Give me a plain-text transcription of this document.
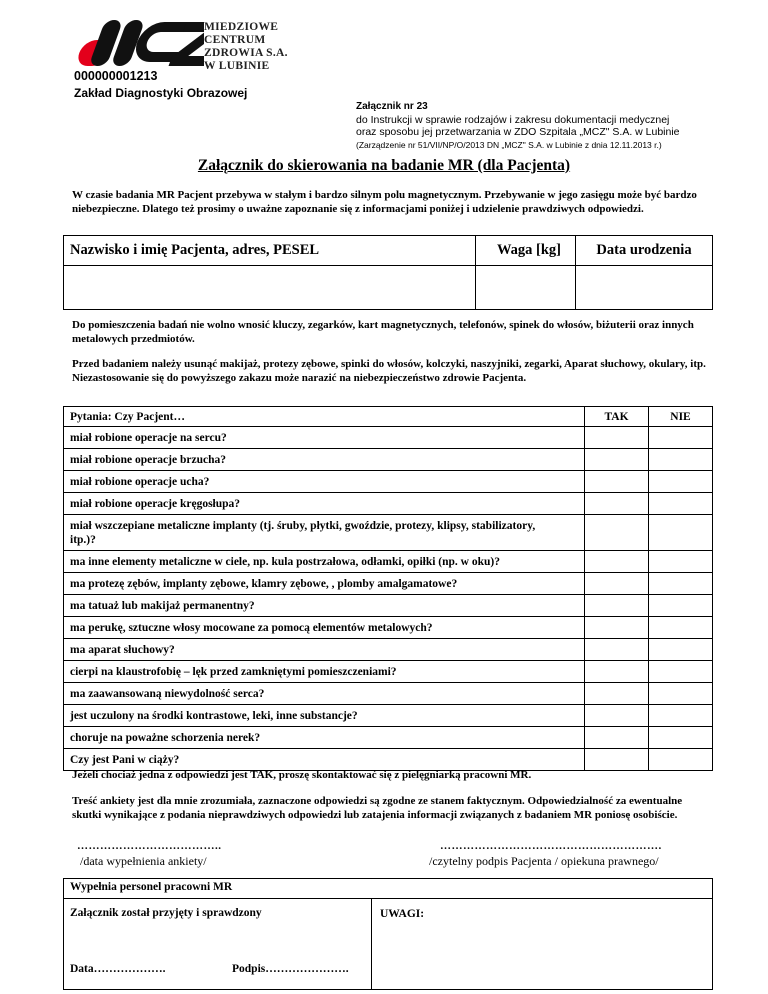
MIEDZIOWE
CENTRUM
ZDROWIA S.A.
W LUBINIE
000000001213
Zakład Diagnostyki Obrazowej
Załącznik nr 23
do Instrukcji w sprawie rodzajów i zakresu dokumentacji medycznej
oraz sposobu jej przetwarzania w ZDO Szpitala „MCZ" S.A. w Lubinie
(Zarządzenie nr 51/VII/NP/O/2013 DN „MCZ" S.A. w Lubinie z dnia 12.11.2013 r.)
Załącznik do skierowania na badanie MR (dla Pacjenta)
W czasie badania MR Pacjent przebywa w stałym i bardzo silnym polu magnetycznym. Przebywanie w jego zasięgu może być bardzo niebezpieczne. Dlatego też prosimy o uważne zapoznanie się z informacjami poniżej i udzielenie prawdziwych odpowiedzi.
Nazwisko i imię Pacjenta, adres, PESEL	Waga [kg]	Data urodzenia

Do pomieszczenia badań nie wolno wnosić kluczy, zegarków, kart magnetycznych, telefonów, spinek do włosów, biżuterii oraz innych metalowych przedmiotów.
Przed badaniem należy usunąć makijaż, protezy zębowe, spinki do włosów, kolczyki, naszyjniki, zegarki, Aparat słuchowy, okulary, itp.
Niezastosowanie się do powyższego zakazu może narazić na niebezpieczeństwo zdrowie Pacjenta.
Pytania: Czy Pacjent…	TAK	NIE
miał robione operacje na sercu?		
miał robione operacje brzucha?		
miał robione operacje ucha?		
miał robione operacje kręgosłupa?		
miał wszczepiane metaliczne implanty (tj. śruby, płytki, gwoździe, protezy, klipsy, stabilizatory, itp.)?		
ma inne elementy metaliczne w ciele, np. kula postrzałowa, odłamki, opiłki (np. w oku)?		
ma protezę zębów, implanty zębowe, klamry zębowe, , plomby amalgamatowe?		
ma tatuaż lub makijaż permanentny?		
ma perukę, sztuczne włosy mocowane za pomocą elementów metalowych?		
ma aparat słuchowy?		
cierpi na klaustrofobię – lęk przed zamkniętymi pomieszczeniami?		
ma zaawansowaną niewydolność serca?		
jest uczulony na środki kontrastowe, leki, inne substancje?		
choruje na poważne schorzenia nerek?		
Czy jest Pani w ciąży?		
Jeżeli chociaż jedna z odpowiedzi jest TAK, proszę skontaktować się z pielęgniarką pracowni MR.
Treść ankiety jest dla mnie zrozumiała, zaznaczone odpowiedzi są zgodne ze stanem faktycznym. Odpowiedzialność za ewentualne skutki wynikające z podania nieprawdziwych odpowiedzi lub zatajenia informacji związanych z badaniem MR poniosę osobiście.
………………………………..
/data wypełnienia ankiety/
………………………………………………….
/czytelny podpis Pacjenta / opiekuna prawnego/
Wypełnia personel pracowni MR

Załącznik został przyjęty i sprawdzony
Data……………….	Podpis………………….

UWAGI:
